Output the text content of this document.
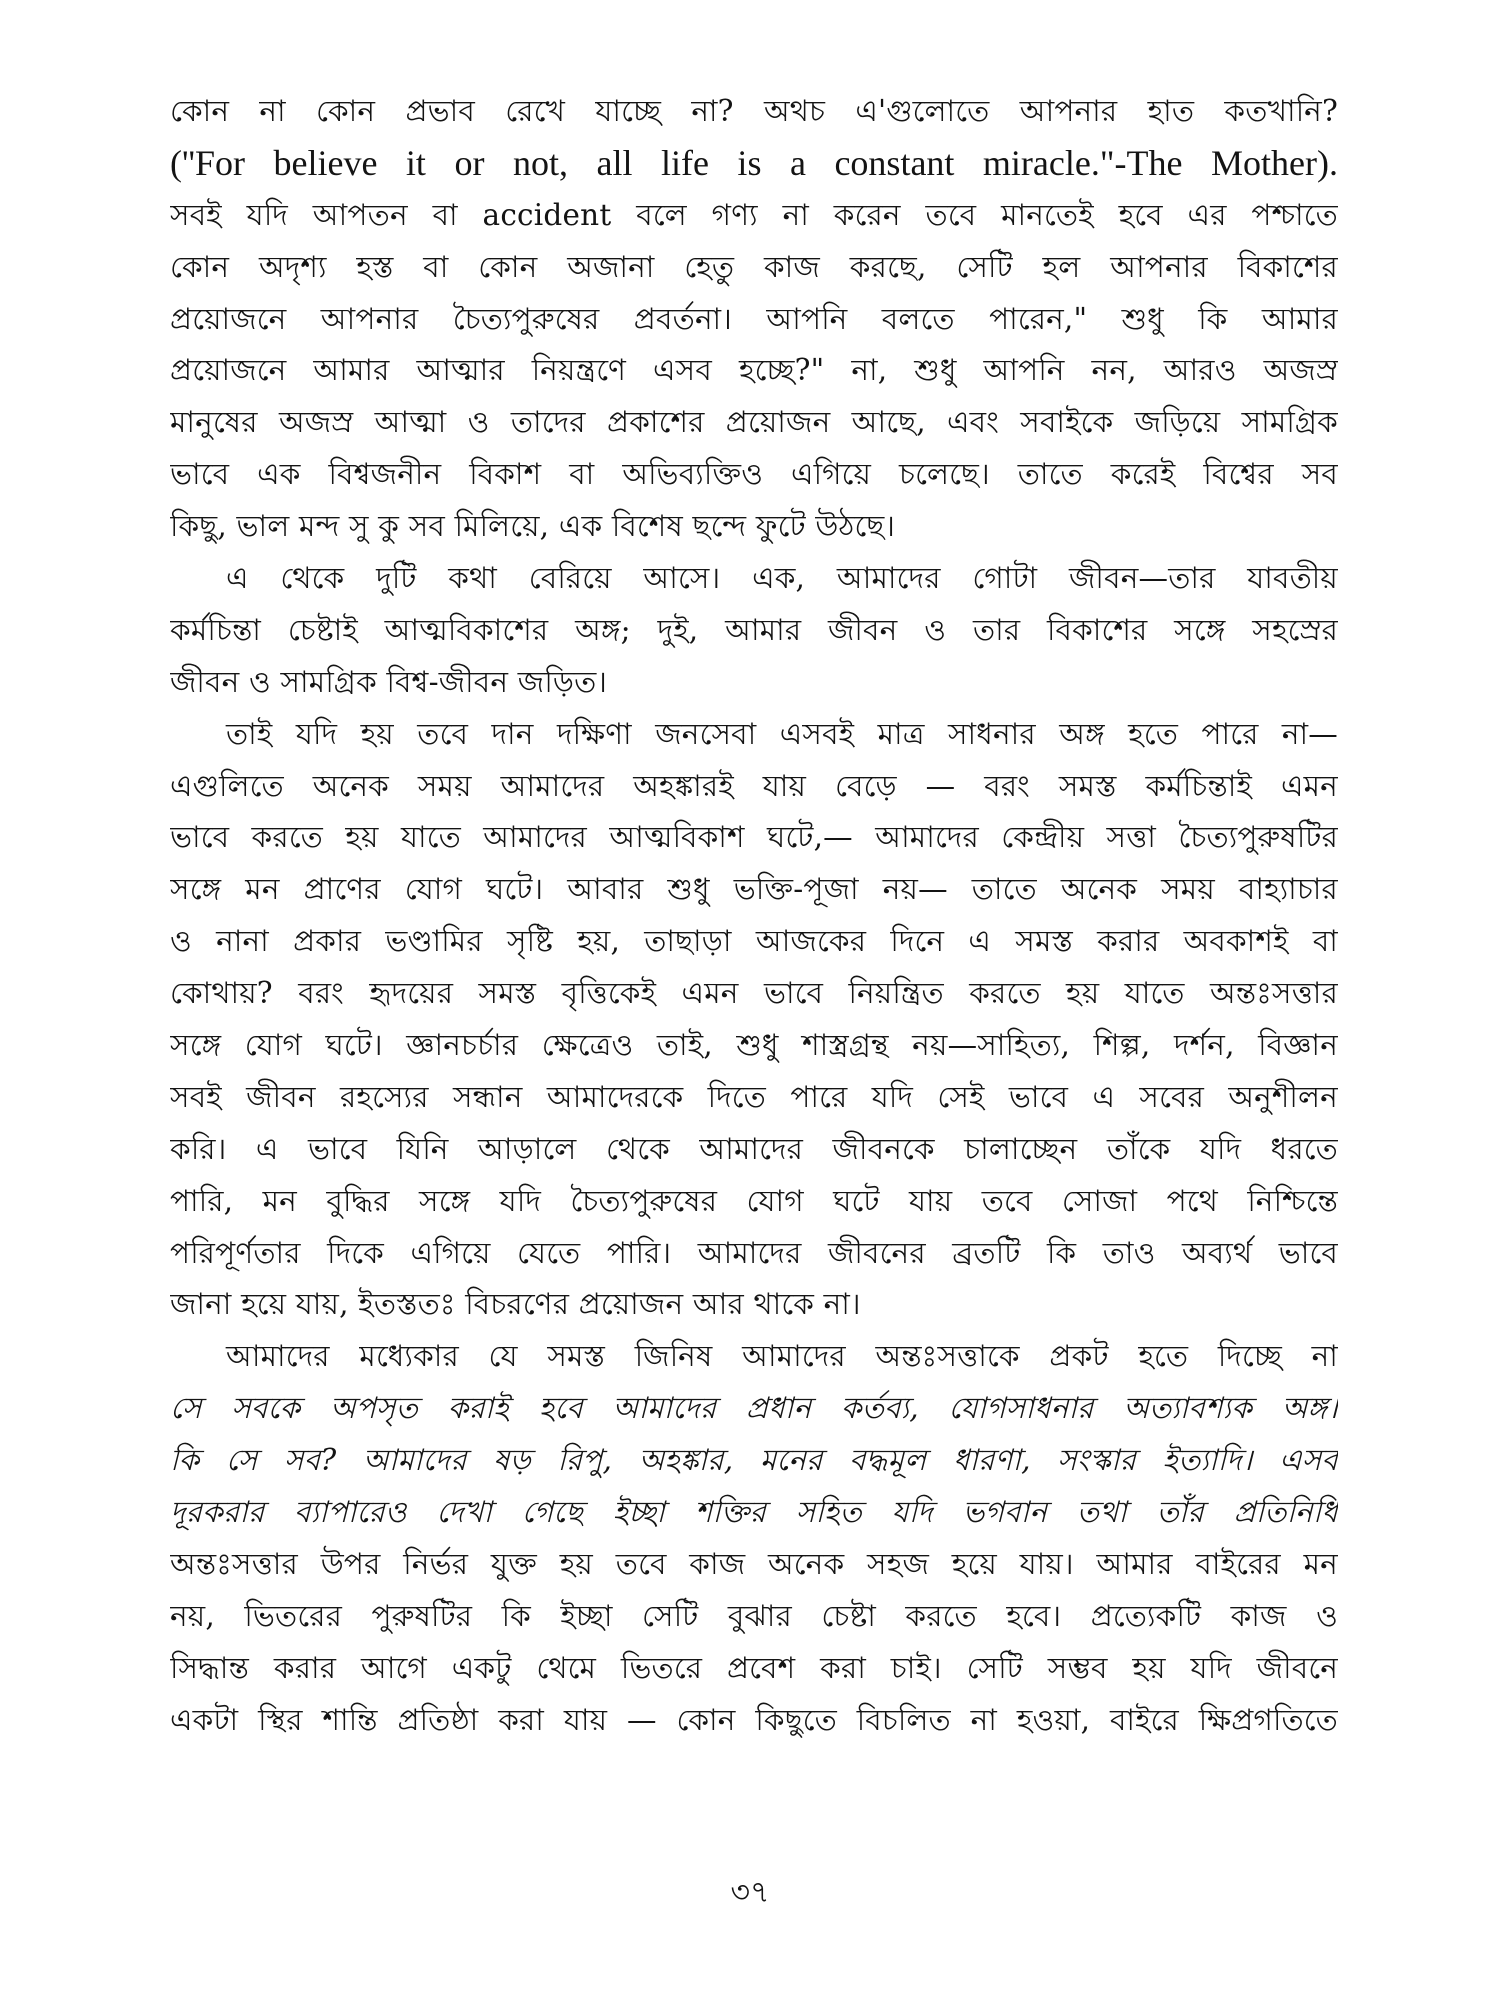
কোন না কোন প্রভাব রেখে যাচ্ছে না? অথচ এ'গুলোতে আপনার হাত কতখানি?
(''For believe it or not, all life is a constant miracle."-The Mother).
সবই যদি আপতন বা accident বলে গণ্য না করেন তবে মানতেই হবে এর পশ্চাতে
কোন অদৃশ্য হস্ত বা কোন অজানা হেতু কাজ করছে, সেটি হল আপনার বিকাশের
প্রয়োজনে আপনার চৈত্যপুরুষের প্রবর্তনা। আপনি বলতে পারেন," শুধু কি আমার
প্রয়োজনে আমার আত্মার নিয়ন্ত্রণে এসব হচ্ছে?" না, শুধু আপনি নন, আরও অজস্র
মানুষের অজস্র আত্মা ও তাদের প্রকাশের প্রয়োজন আছে, এবং সবাইকে জড়িয়ে সামগ্রিক
ভাবে এক বিশ্বজনীন বিকাশ বা অভিব্যক্তিও এগিয়ে চলেছে। তাতে করেই বিশ্বের সব
কিছু, ভাল মন্দ সু কু সব মিলিয়ে, এক বিশেষ ছন্দে ফুটে উঠছে।
এ থেকে দুটি কথা বেরিয়ে আসে। এক, আমাদের গোটা জীবন—তার যাবতীয়
কর্মচিন্তা চেষ্টাই আত্মবিকাশের অঙ্গ; দুই, আমার জীবন ও তার বিকাশের সঙ্গে সহস্রের
জীবন ও সামগ্রিক বিশ্ব-জীবন জড়িত।
তাই যদি হয় তবে দান দক্ষিণা জনসেবা এসবই মাত্র সাধনার অঙ্গ হতে পারে না—
এগুলিতে অনেক সময় আমাদের অহঙ্কারই যায় বেড়ে — বরং সমস্ত কর্মচিন্তাই এমন
ভাবে করতে হয় যাতে আমাদের আত্মবিকাশ ঘটে,— আমাদের কেন্দ্রীয় সত্তা চৈত্যপুরুষটির
সঙ্গে মন প্রাণের যোগ ঘটে। আবার শুধু ভক্তি-পূজা নয়— তাতে অনেক সময় বাহ্যাচার
ও নানা প্রকার ভণ্ডামির সৃষ্টি হয়, তাছাড়া আজকের দিনে এ সমস্ত করার অবকাশই বা
কোথায়? বরং হৃদয়ের সমস্ত বৃত্তিকেই এমন ভাবে নিয়ন্ত্রিত করতে হয় যাতে অন্তঃসত্তার
সঙ্গে যোগ ঘটে। জ্ঞানচর্চার ক্ষেত্রেও তাই, শুধু শাস্ত্রগ্রন্থ নয়—সাহিত্য, শিল্প, দর্শন, বিজ্ঞান
সবই জীবন রহস্যের সন্ধান আমাদেরকে দিতে পারে যদি সেই ভাবে এ সবের অনুশীলন
করি। এ ভাবে যিনি আড়ালে থেকে আমাদের জীবনকে চালাচ্ছেন তাঁকে যদি ধরতে
পারি, মন বুদ্ধির সঙ্গে যদি চৈত্যপুরুষের যোগ ঘটে যায় তবে সোজা পথে নিশ্চিন্তে
পরিপূর্ণতার দিকে এগিয়ে যেতে পারি। আমাদের জীবনের ব্রতটি কি তাও অব্যর্থ ভাবে
জানা হয়ে যায়, ইতস্ততঃ বিচরণের প্রয়োজন আর থাকে না।
আমাদের মধ্যেকার যে সমস্ত জিনিষ আমাদের অন্তঃসত্তাকে প্রকট হতে দিচ্ছে না
সে সবকে অপসৃত করাই হবে আমাদের প্রধান কর্তব্য, যোগসাধনার অত্যাবশ্যক অঙ্গ।
কি সে সব? আমাদের ষড় রিপু, অহঙ্কার, মনের বদ্ধমূল ধারণা, সংস্কার ইত্যাদি। এসব
দূরকরার ব্যাপারেও দেখা গেছে ইচ্ছা শক্তির সহিত যদি ভগবান তথা তাঁর প্রতিনিধি
অন্তঃসত্তার উপর নির্ভর যুক্ত হয় তবে কাজ অনেক সহজ হয়ে যায়। আমার বাইরের মন
নয়, ভিতরের পুরুষটির কি ইচ্ছা সেটি বুঝার চেষ্টা করতে হবে। প্রত্যেকটি কাজ ও
সিদ্ধান্ত করার আগে একটু থেমে ভিতরে প্রবেশ করা চাই। সেটি সম্ভব হয় যদি জীবনে
একটা স্থির শান্তি প্রতিষ্ঠা করা যায় — কোন কিছুতে বিচলিত না হওয়া, বাইরে ক্ষিপ্রগতিতে
৩৭
